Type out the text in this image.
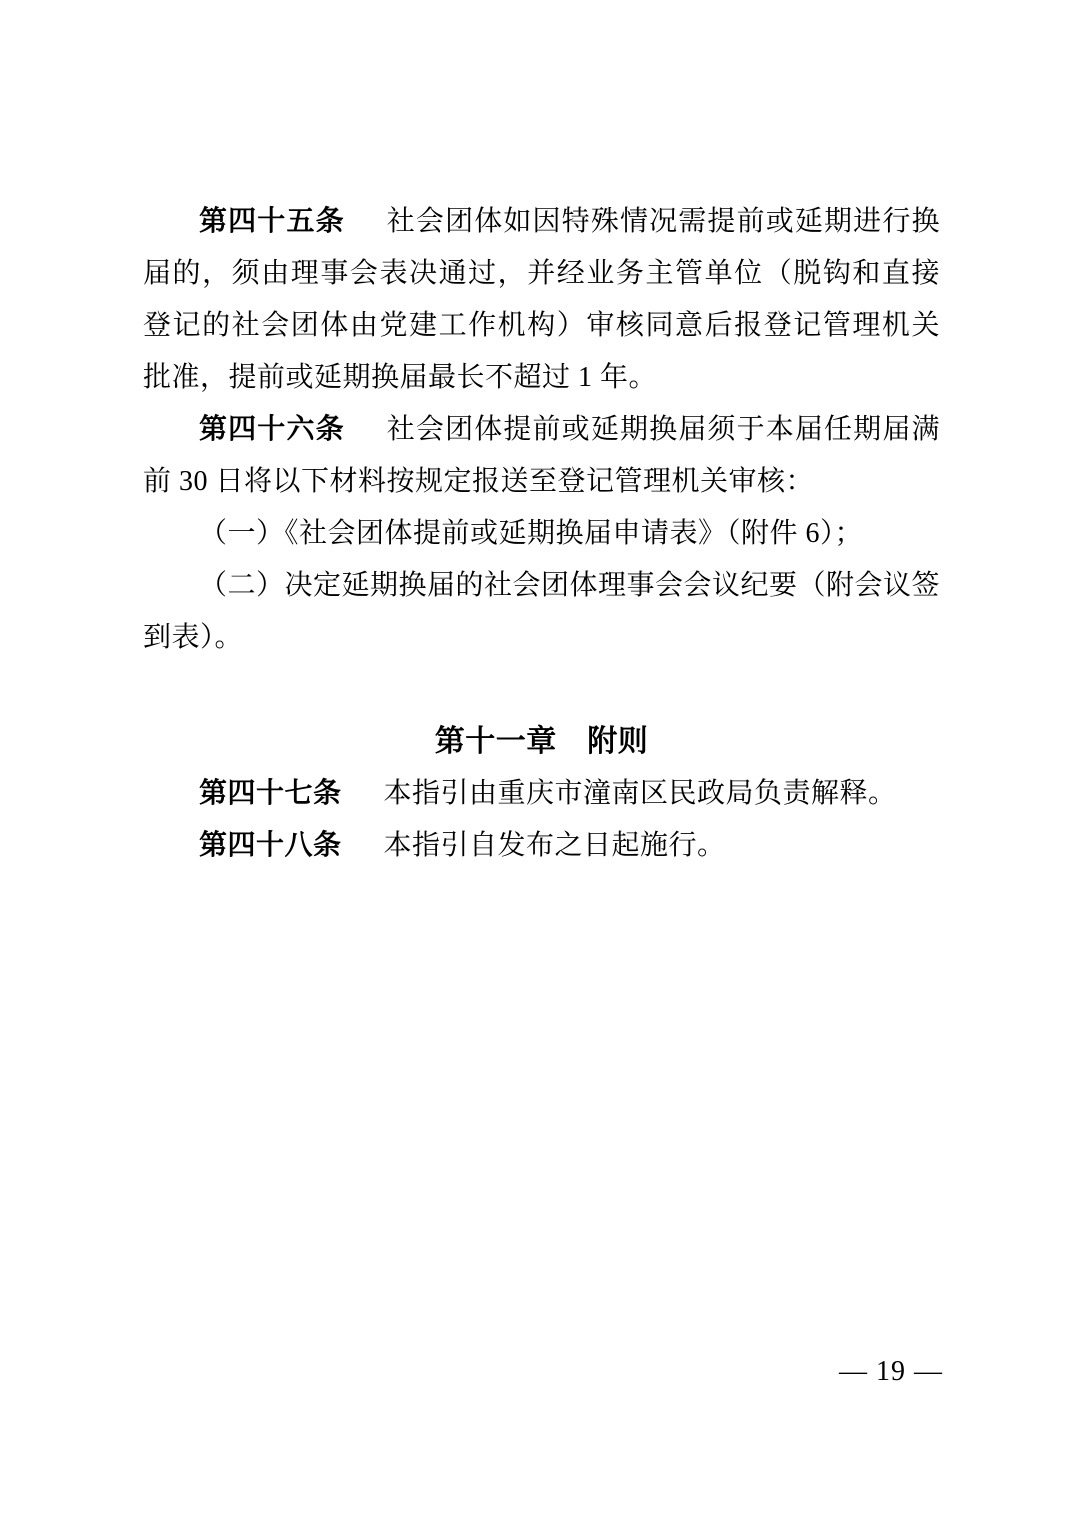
第四十五条 社会团体如因特殊情况需提前或延期进行换届的，须由理事会表决通过，并经业务主管单位（脱钩和直接登记的社会团体由党建工作机构）审核同意后报登记管理机关批准，提前或延期换届最长不超过 1 年。

第四十六条 社会团体提前或延期换届须于本届任期届满前 30 日将以下材料按规定报送至登记管理机关审核：

（一）《社会团体提前或延期换届申请表》（附件 6）；

（二）决定延期换届的社会团体理事会会议纪要（附会议签到表）。

第十一章　附则

第四十七条 本指引由重庆市潼南区民政局负责解释。

第四十八条 本指引自发布之日起施行。

— 19 —
